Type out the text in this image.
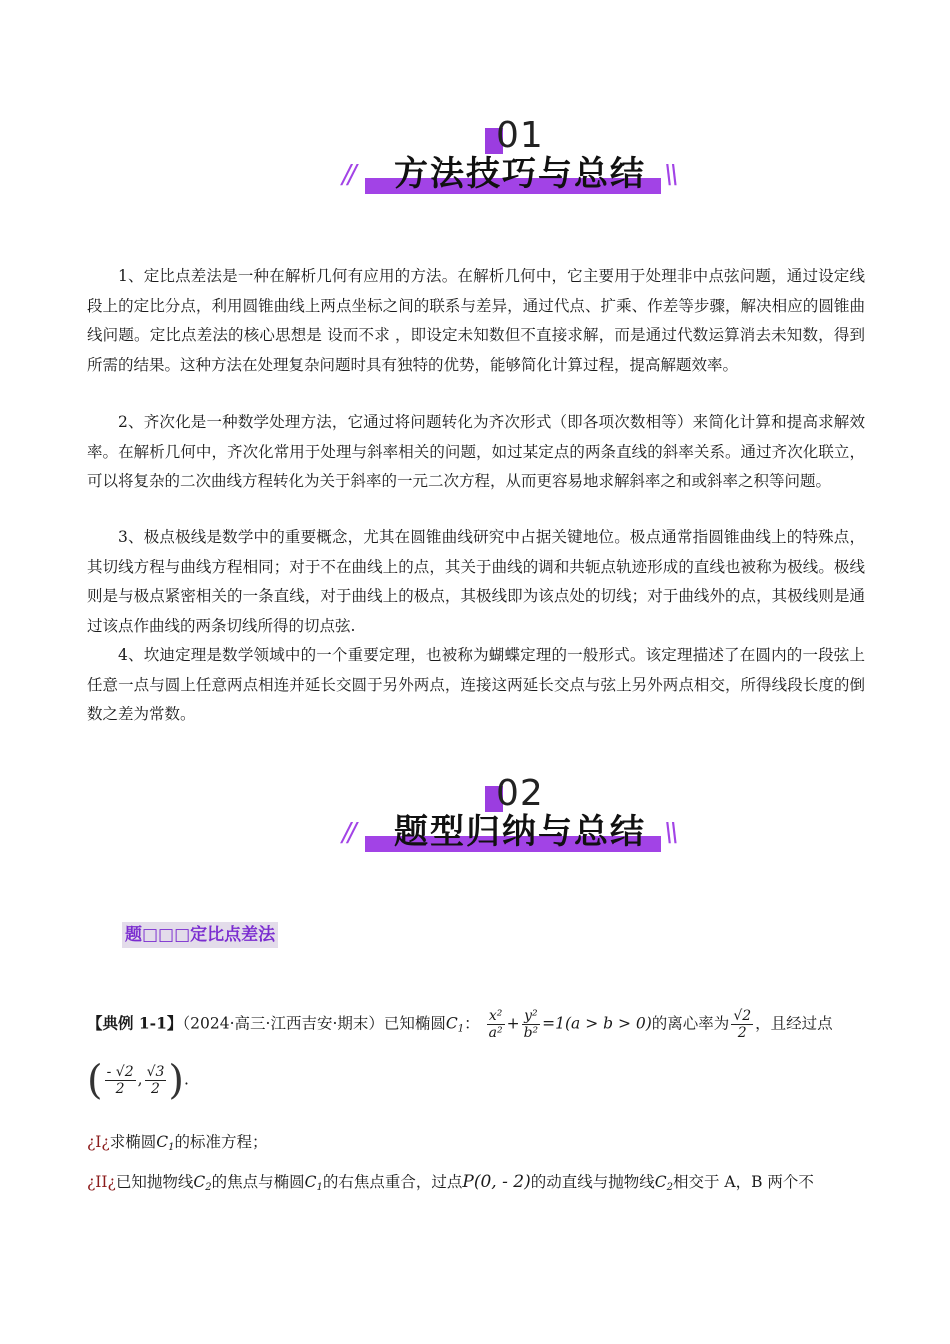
01
方法技巧与总结
//	\\

1、定比点差法是一种在解析几何有应用的方法。在解析几何中，它主要用于处理非中点弦问题，通过设定线段上的定比分点，利用圆锥曲线上两点坐标之间的联系与差异，通过代点、扩乘、作差等步骤，解决相应的圆锥曲线问题。定比点差法的核心思想是 设而不求 ，即设定未知数但不直接求解，而是通过代数运算消去未知数，得到所需的结果。这种方法在处理复杂问题时具有独特的优势，能够简化计算过程，提高解题效率。

2、齐次化是一种数学处理方法，它通过将问题转化为齐次形式（即各项次数相等）来简化计算和提高求解效率。在解析几何中，齐次化常用于处理与斜率相关的问题，如过某定点的两条直线的斜率关系。通过齐次化联立，可以将复杂的二次曲线方程转化为关于斜率的一元二次方程，从而更容易地求解斜率之和或斜率之积等问题。

3、极点极线是数学中的重要概念，尤其在圆锥曲线研究中占据关键地位。极点通常指圆锥曲线上的特殊点，其切线方程与曲线方程相同；对于不在曲线上的点，其关于曲线的调和共轭点轨迹形成的直线也被称为极线。极线则是与极点紧密相关的一条直线，对于曲线上的极点，其极线即为该点处的切线；对于曲线外的点，其极线则是通过该点作曲线的两条切线所得的切点弦.

4、坎迪定理是数学领域中的一个重要定理，也被称为蝴蝶定理的一般形式。该定理描述了在圆内的一段弦上任意一点与圆上任意两点相连并延长交圆于另外两点，连接这两延长交点与弦上另外两点相交，所得线段长度的倒数之差为常数。

02
题型归纳与总结
//	\\
题□□□定比点差法
【典例 1-1】（2024·高三·江西吉安·期末）已知椭圆$C_1$： $\frac{\text{x²}}{\text{a²}} + \frac{\text{y²}}{\text{b²}} =1(a > b > 0)$的离心率为 $\frac{√2}{2}$ ，且经过点
( $\frac{- √2}{2}$ , $\frac{√3}{2}$ ).
¿I¿求椭圆$C_1$的标准方程；
¿II¿已知抛物线$C_2$的焦点与椭圆$C_1$的右焦点重合，过点P(0, - 2)的动直线与抛物线$C_2$相交于 A，B 两个不
